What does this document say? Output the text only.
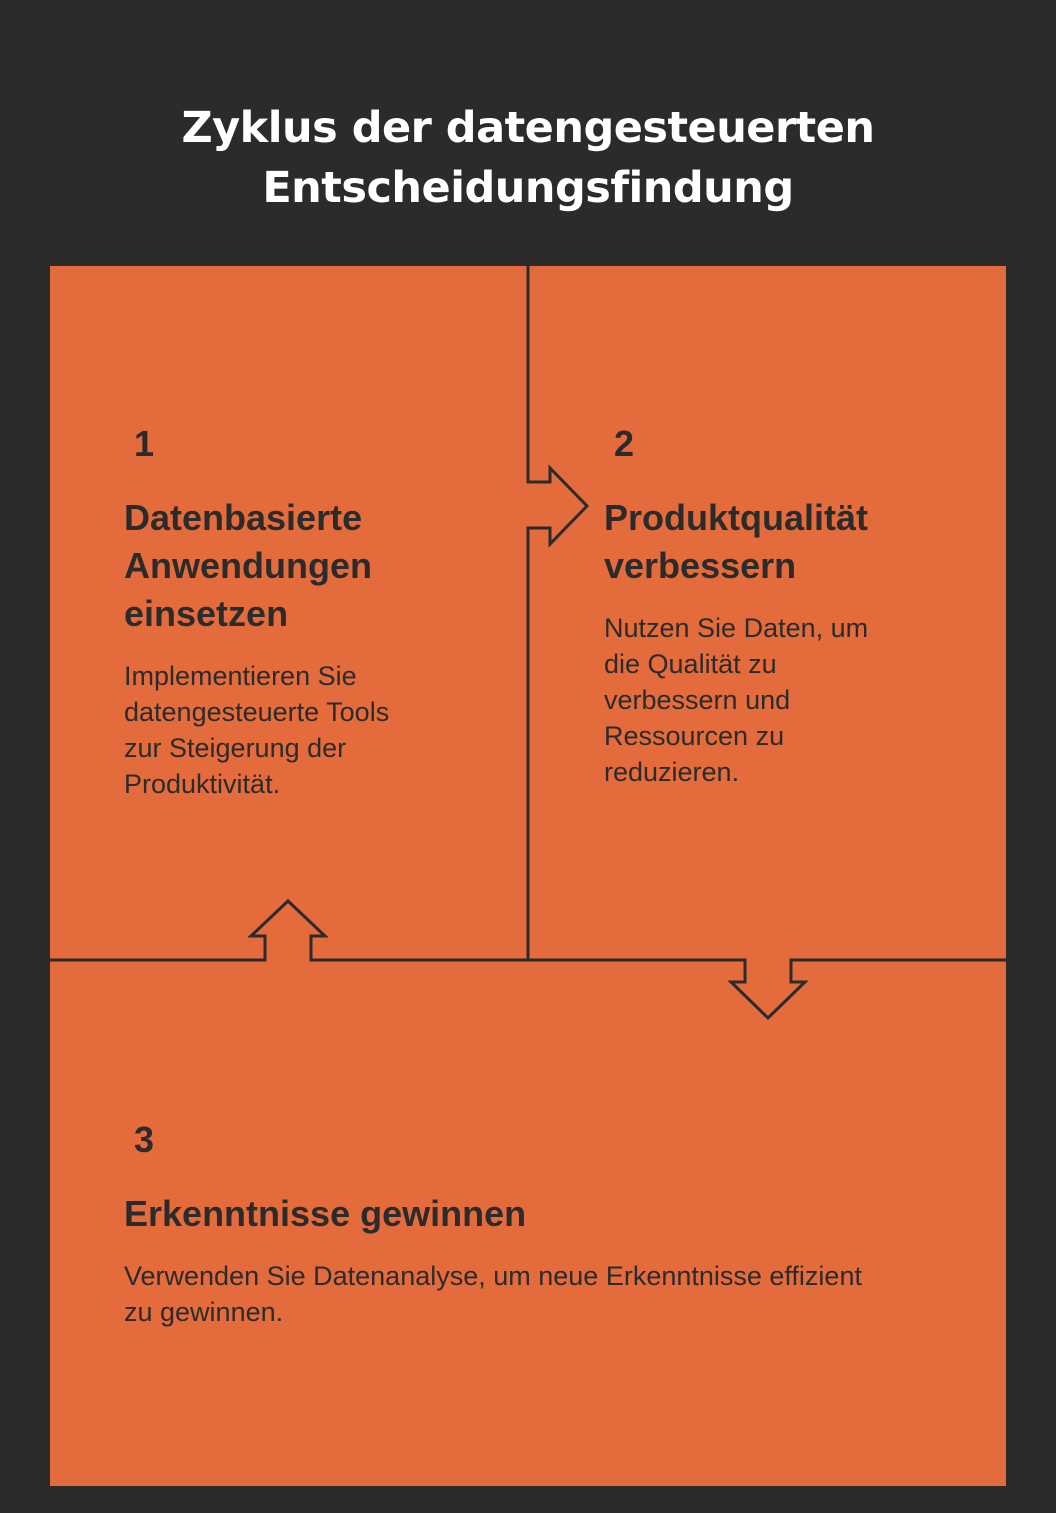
Zyklus der datengesteuerten
Entscheidungsfindung
1
Datenbasierte
Anwendungen
einsetzen
Implementieren Sie
datengesteuerte Tools
zur Steigerung der
Produktivität.
2
Produktqualität
verbessern
Nutzen Sie Daten, um
die Qualität zu
verbessern und
Ressourcen zu
reduzieren.
3
Erkenntnisse gewinnen
Verwenden Sie Datenanalyse, um neue Erkenntnisse effizient
zu gewinnen.
